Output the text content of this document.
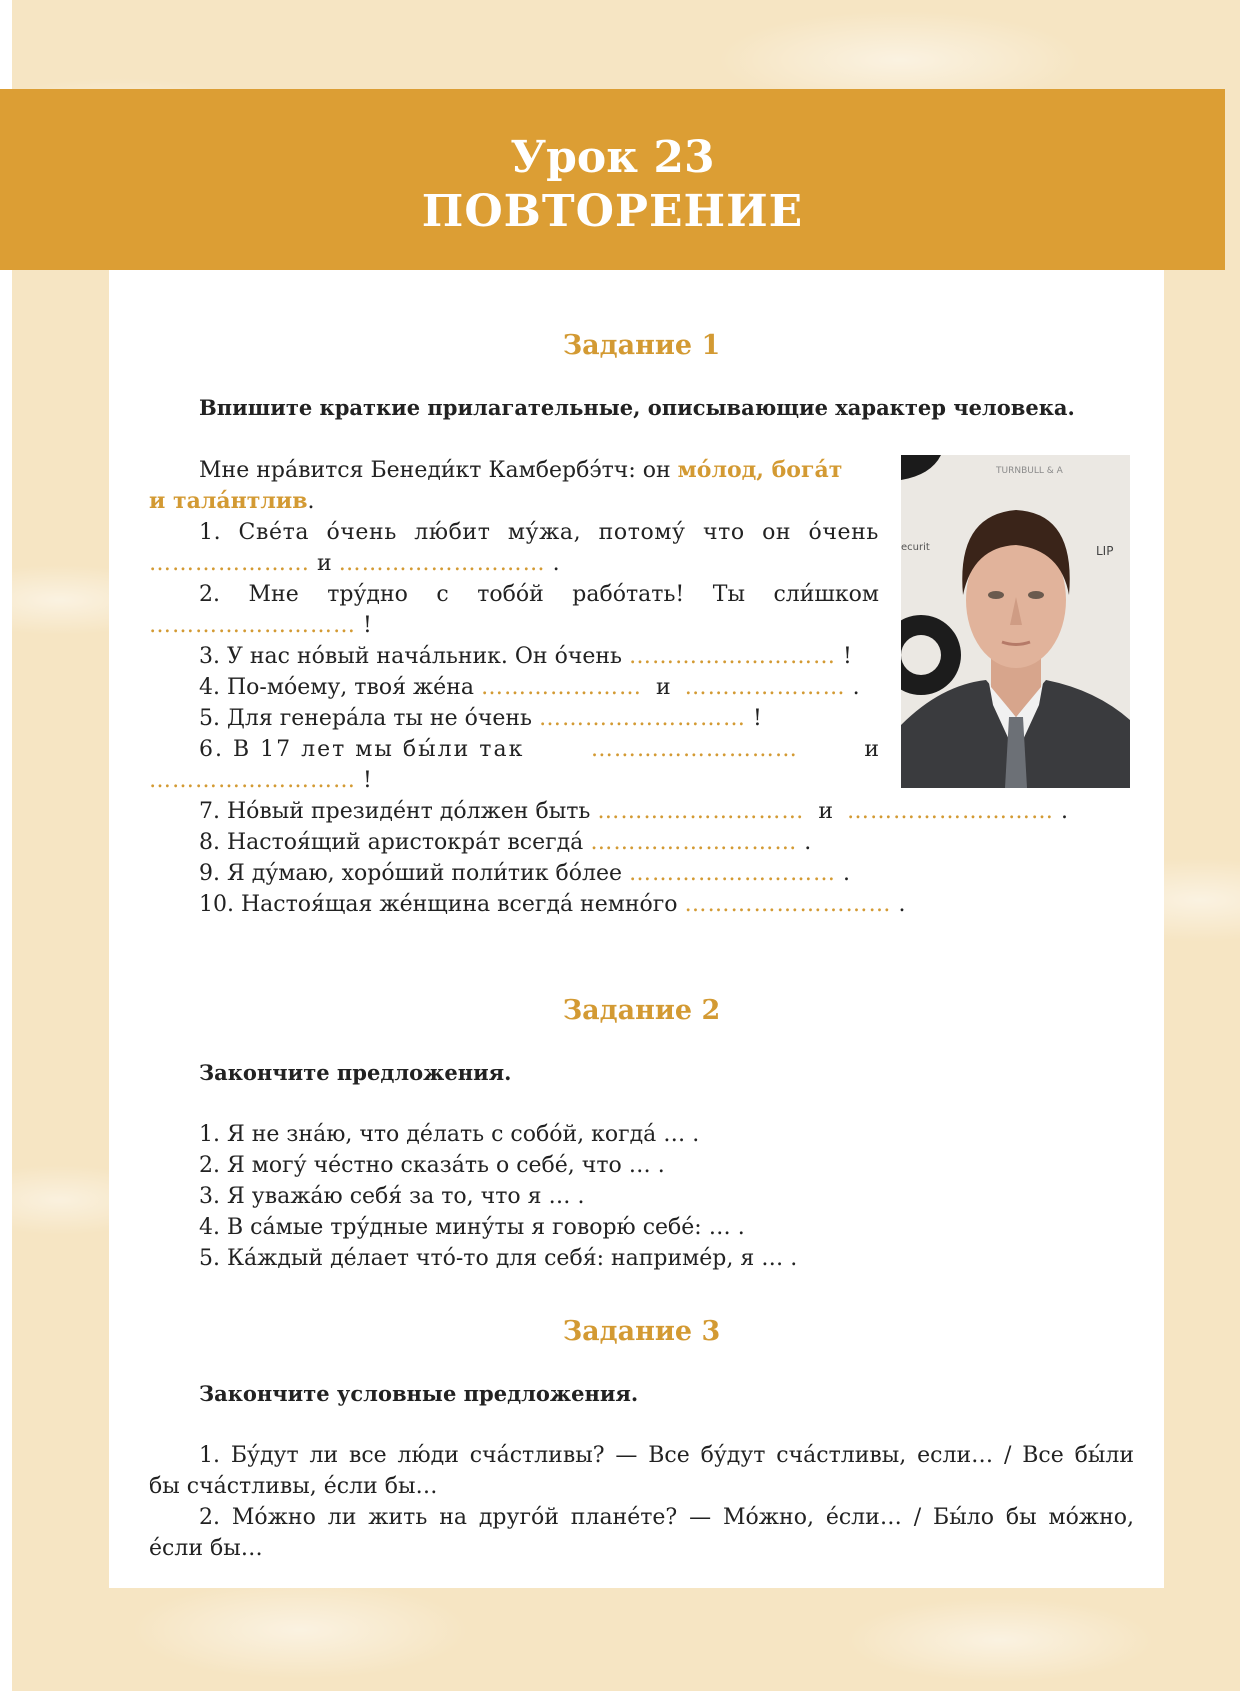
Урок 23
ПОВТОРЕНИЕ
Задание 1
Впишите краткие прилагательные, описывающие характер человека.
Мне нра́вится Бенеди́кт Камбербэ́тч: он мо́лод, бога́т
и тала́нтлив.
1. Све́та о́чень лю́бит му́жа, потому́ что он о́чень
………………… и ……………………… .
2. Мне тру́дно с тобо́й рабо́тать! Ты сли́шком
……………………… !
3. У нас но́вый нача́льник. Он о́чень ……………………… !
4. По-мо́ему, твоя́ же́на ………………… и ………………… .
5. Для генера́ла ты не о́чень ……………………… !
6. В 17 лет мы бы́ли так	………………………	и
……………………… !
7. Но́вый президе́нт до́лжен быть ……………………… и ……………………… .
8. Настоя́щий аристокра́т всегда́ ……………………… .
9. Я ду́маю, хоро́ший поли́тик бо́лее ……………………… .
10. Настоя́щая же́нщина всегда́ немно́го ……………………… .
Задание 2
Закончите предложения.
1. Я не зна́ю, что де́лать с собо́й, когда́ … .
2. Я могу́ че́стно сказа́ть о себе́, что … .
3. Я уважа́ю себя́ за то, что я … .
4. В са́мые тру́дные мину́ты я говорю́ себе́: … .
5. Ка́ждый де́лает что́-то для себя́: наприме́р, я … .
Задание 3
Закончите условные предложения.
1. Бу́дут ли все лю́ди сча́стливы? — Все бу́дут сча́стливы, если… / Все бы́ли
бы сча́стливы, е́сли бы…
2. Мо́жно ли жить на друго́й плане́те? — Мо́жно, е́сли… / Бы́ло бы мо́жно,
е́сли бы…
TURNBULL & A
LIP
ecurit
